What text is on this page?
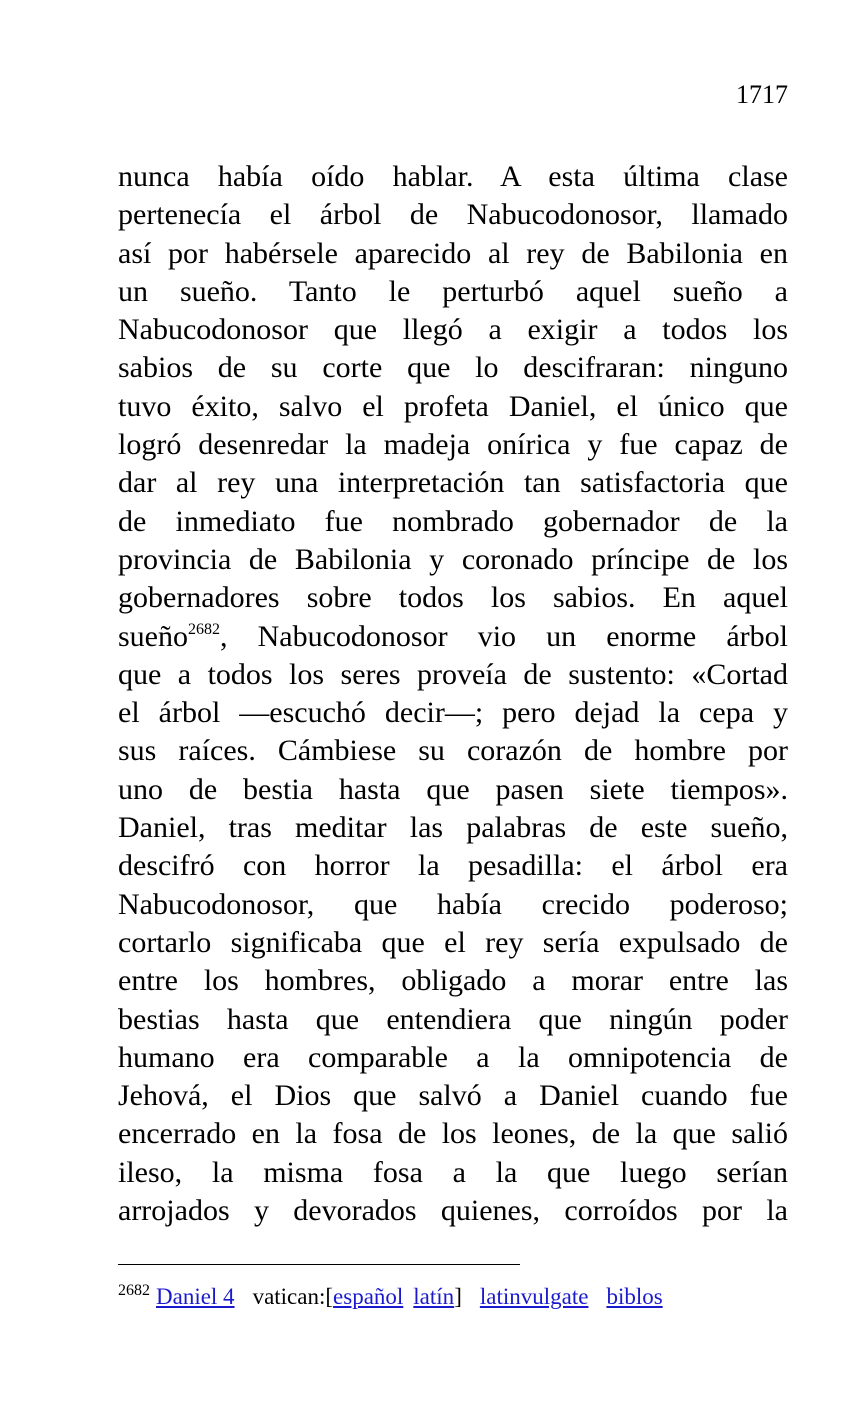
1717
nunca había oído hablar. A esta última clase
pertenecía el árbol de Nabucodonosor, llamado
así por habérsele aparecido al rey de Babilonia en
un sueño. Tanto le perturbó aquel sueño a
Nabucodonosor que llegó a exigir a todos los
sabios de su corte que lo descifraran: ninguno
tuvo éxito, salvo el profeta Daniel, el único que
logró desenredar la madeja onírica y fue capaz de
dar al rey una interpretación tan satisfactoria que
de inmediato fue nombrado gobernador de la
provincia de Babilonia y coronado príncipe de los
gobernadores sobre todos los sabios. En aquel
sueño$^{2682}$, Nabucodonosor vio un enorme árbol
que a todos los seres proveía de sustento: «Cortad
el árbol —escuchó decir—; pero dejad la cepa y
sus raíces. Cámbiese su corazón de hombre por
uno de bestia hasta que pasen siete tiempos».
Daniel, tras meditar las palabras de este sueño,
descifró con horror la pesadilla: el árbol era
Nabucodonosor, que había crecido poderoso;
cortarlo significaba que el rey sería expulsado de
entre los hombres, obligado a morar entre las
bestias hasta que entendiera que ningún poder
humano era comparable a la omnipotencia de
Jehová, el Dios que salvó a Daniel cuando fue
encerrado en la fosa de los leones, de la que salió
ileso, la misma fosa a la que luego serían
arrojados y devorados quienes, corroídos por la
$^{2682}$ Daniel 4 vatican:[español latín] latinvulgate biblos
